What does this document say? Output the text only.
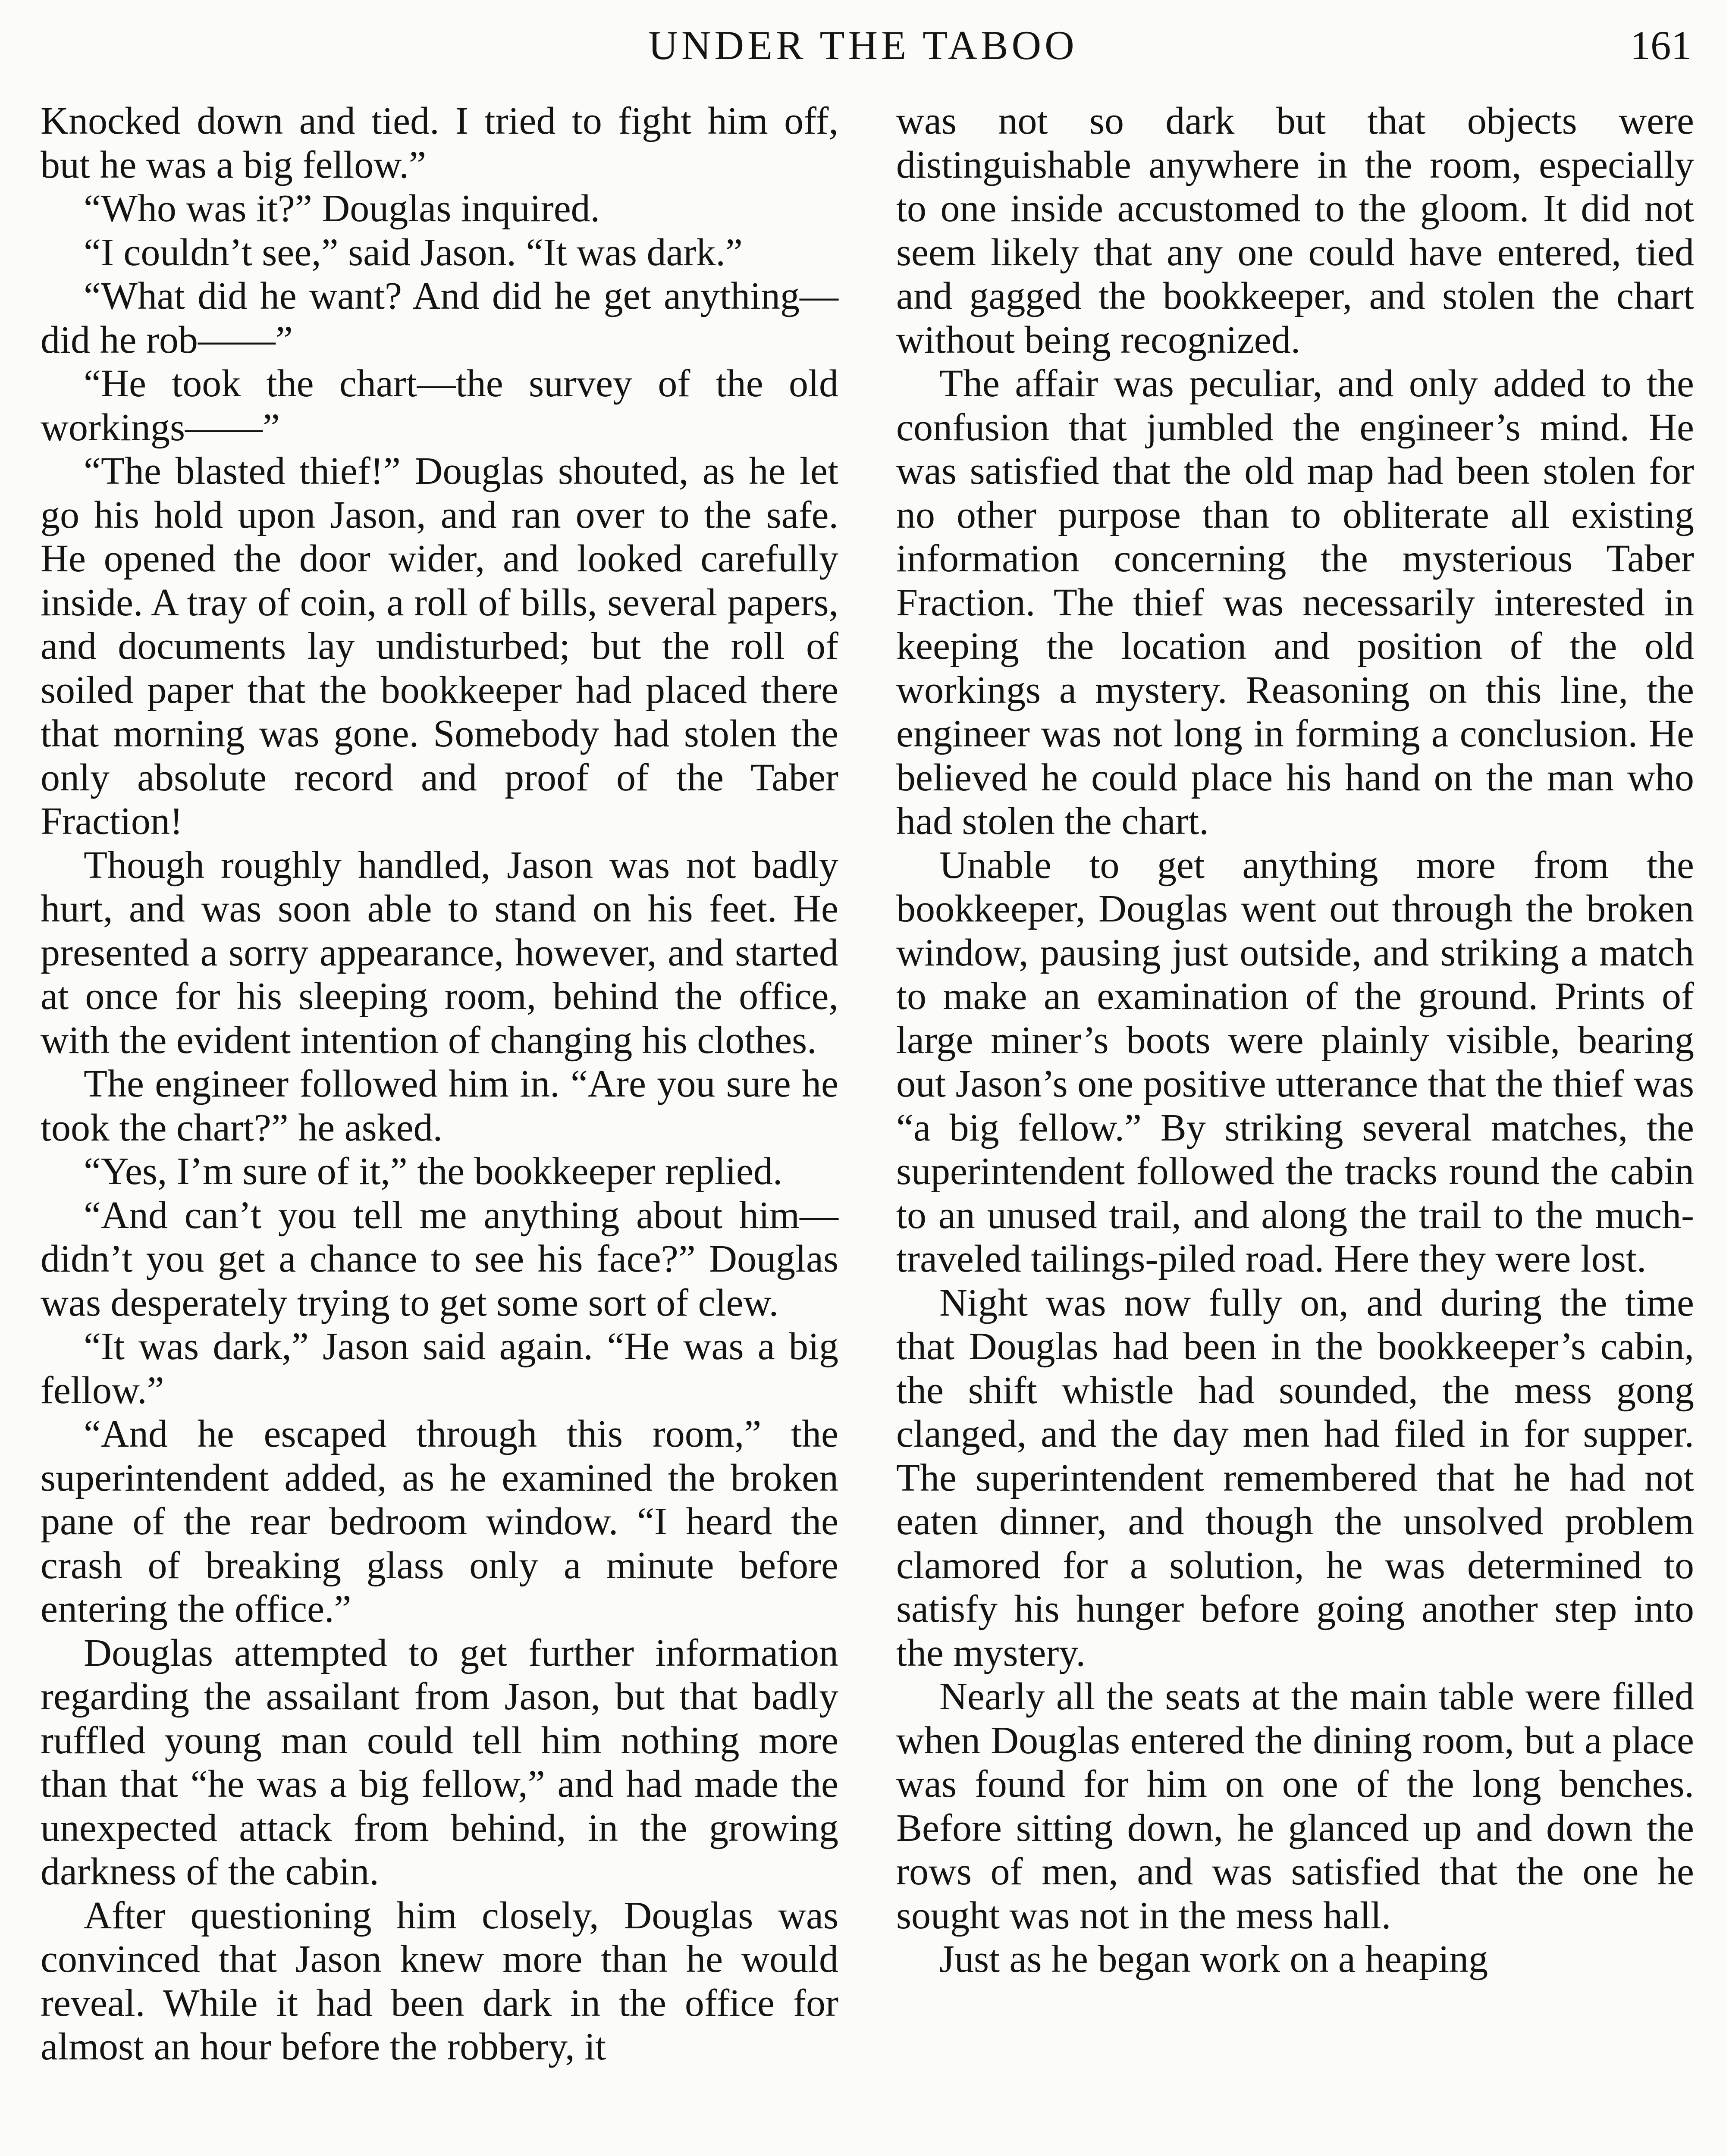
UNDER THE TABOO	161

Knocked down and tied. I tried to fight him off, but he was a big fellow.”

“Who was it?” Douglas inquired.

“I couldn’t see,” said Jason. “It was dark.”

“What did he want? And did he get anything—did he rob——”

“He took the chart—the survey of the old workings——”

“The blasted thief!” Douglas shouted, as he let go his hold upon Jason, and ran over to the safe. He opened the door wider, and looked carefully inside. A tray of coin, a roll of bills, several papers, and documents lay undisturbed; but the roll of soiled paper that the bookkeeper had placed there that morning was gone. Somebody had stolen the only absolute record and proof of the Taber Fraction!

Though roughly handled, Jason was not badly hurt, and was soon able to stand on his feet. He presented a sorry appearance, however, and started at once for his sleeping room, behind the office, with the evident intention of changing his clothes.

The engineer followed him in. “Are you sure he took the chart?” he asked.

“Yes, I’m sure of it,” the bookkeeper replied.

“And can’t you tell me anything about him—didn’t you get a chance to see his face?” Douglas was desperately trying to get some sort of clew.

“It was dark,” Jason said again. “He was a big fellow.”

“And he escaped through this room,” the superintendent added, as he examined the broken pane of the rear bedroom window. “I heard the crash of breaking glass only a minute before entering the office.”

Douglas attempted to get further information regarding the assailant from Jason, but that badly ruffled young man could tell him nothing more than that “he was a big fellow,” and had made the unexpected attack from behind, in the growing darkness of the cabin.

After questioning him closely, Douglas was convinced that Jason knew more than he would reveal. While it had been dark in the office for almost an hour before the robbery, it

was not so dark but that objects were distinguishable anywhere in the room, especially to one inside accustomed to the gloom. It did not seem likely that any one could have entered, tied and gagged the bookkeeper, and stolen the chart without being recognized.

The affair was peculiar, and only added to the confusion that jumbled the engineer’s mind. He was satisfied that the old map had been stolen for no other purpose than to obliterate all existing information concerning the mysterious Taber Fraction. The thief was necessarily interested in keeping the location and position of the old workings a mystery. Reasoning on this line, the engineer was not long in forming a conclusion. He believed he could place his hand on the man who had stolen the chart.

Unable to get anything more from the bookkeeper, Douglas went out through the broken window, pausing just outside, and striking a match to make an examination of the ground. Prints of large miner’s boots were plainly visible, bearing out Jason’s one positive utterance that the thief was “a big fellow.” By striking several matches, the superintendent followed the tracks round the cabin to an unused trail, and along the trail to the much-traveled tailings-piled road. Here they were lost.

Night was now fully on, and during the time that Douglas had been in the bookkeeper’s cabin, the shift whistle had sounded, the mess gong clanged, and the day men had filed in for supper. The superintendent remembered that he had not eaten dinner, and though the unsolved problem clamored for a solution, he was determined to satisfy his hunger before going another step into the mystery.

Nearly all the seats at the main table were filled when Douglas entered the dining room, but a place was found for him on one of the long benches. Before sitting down, he glanced up and down the rows of men, and was satisfied that the one he sought was not in the mess hall.

Just as he began work on a heaping
